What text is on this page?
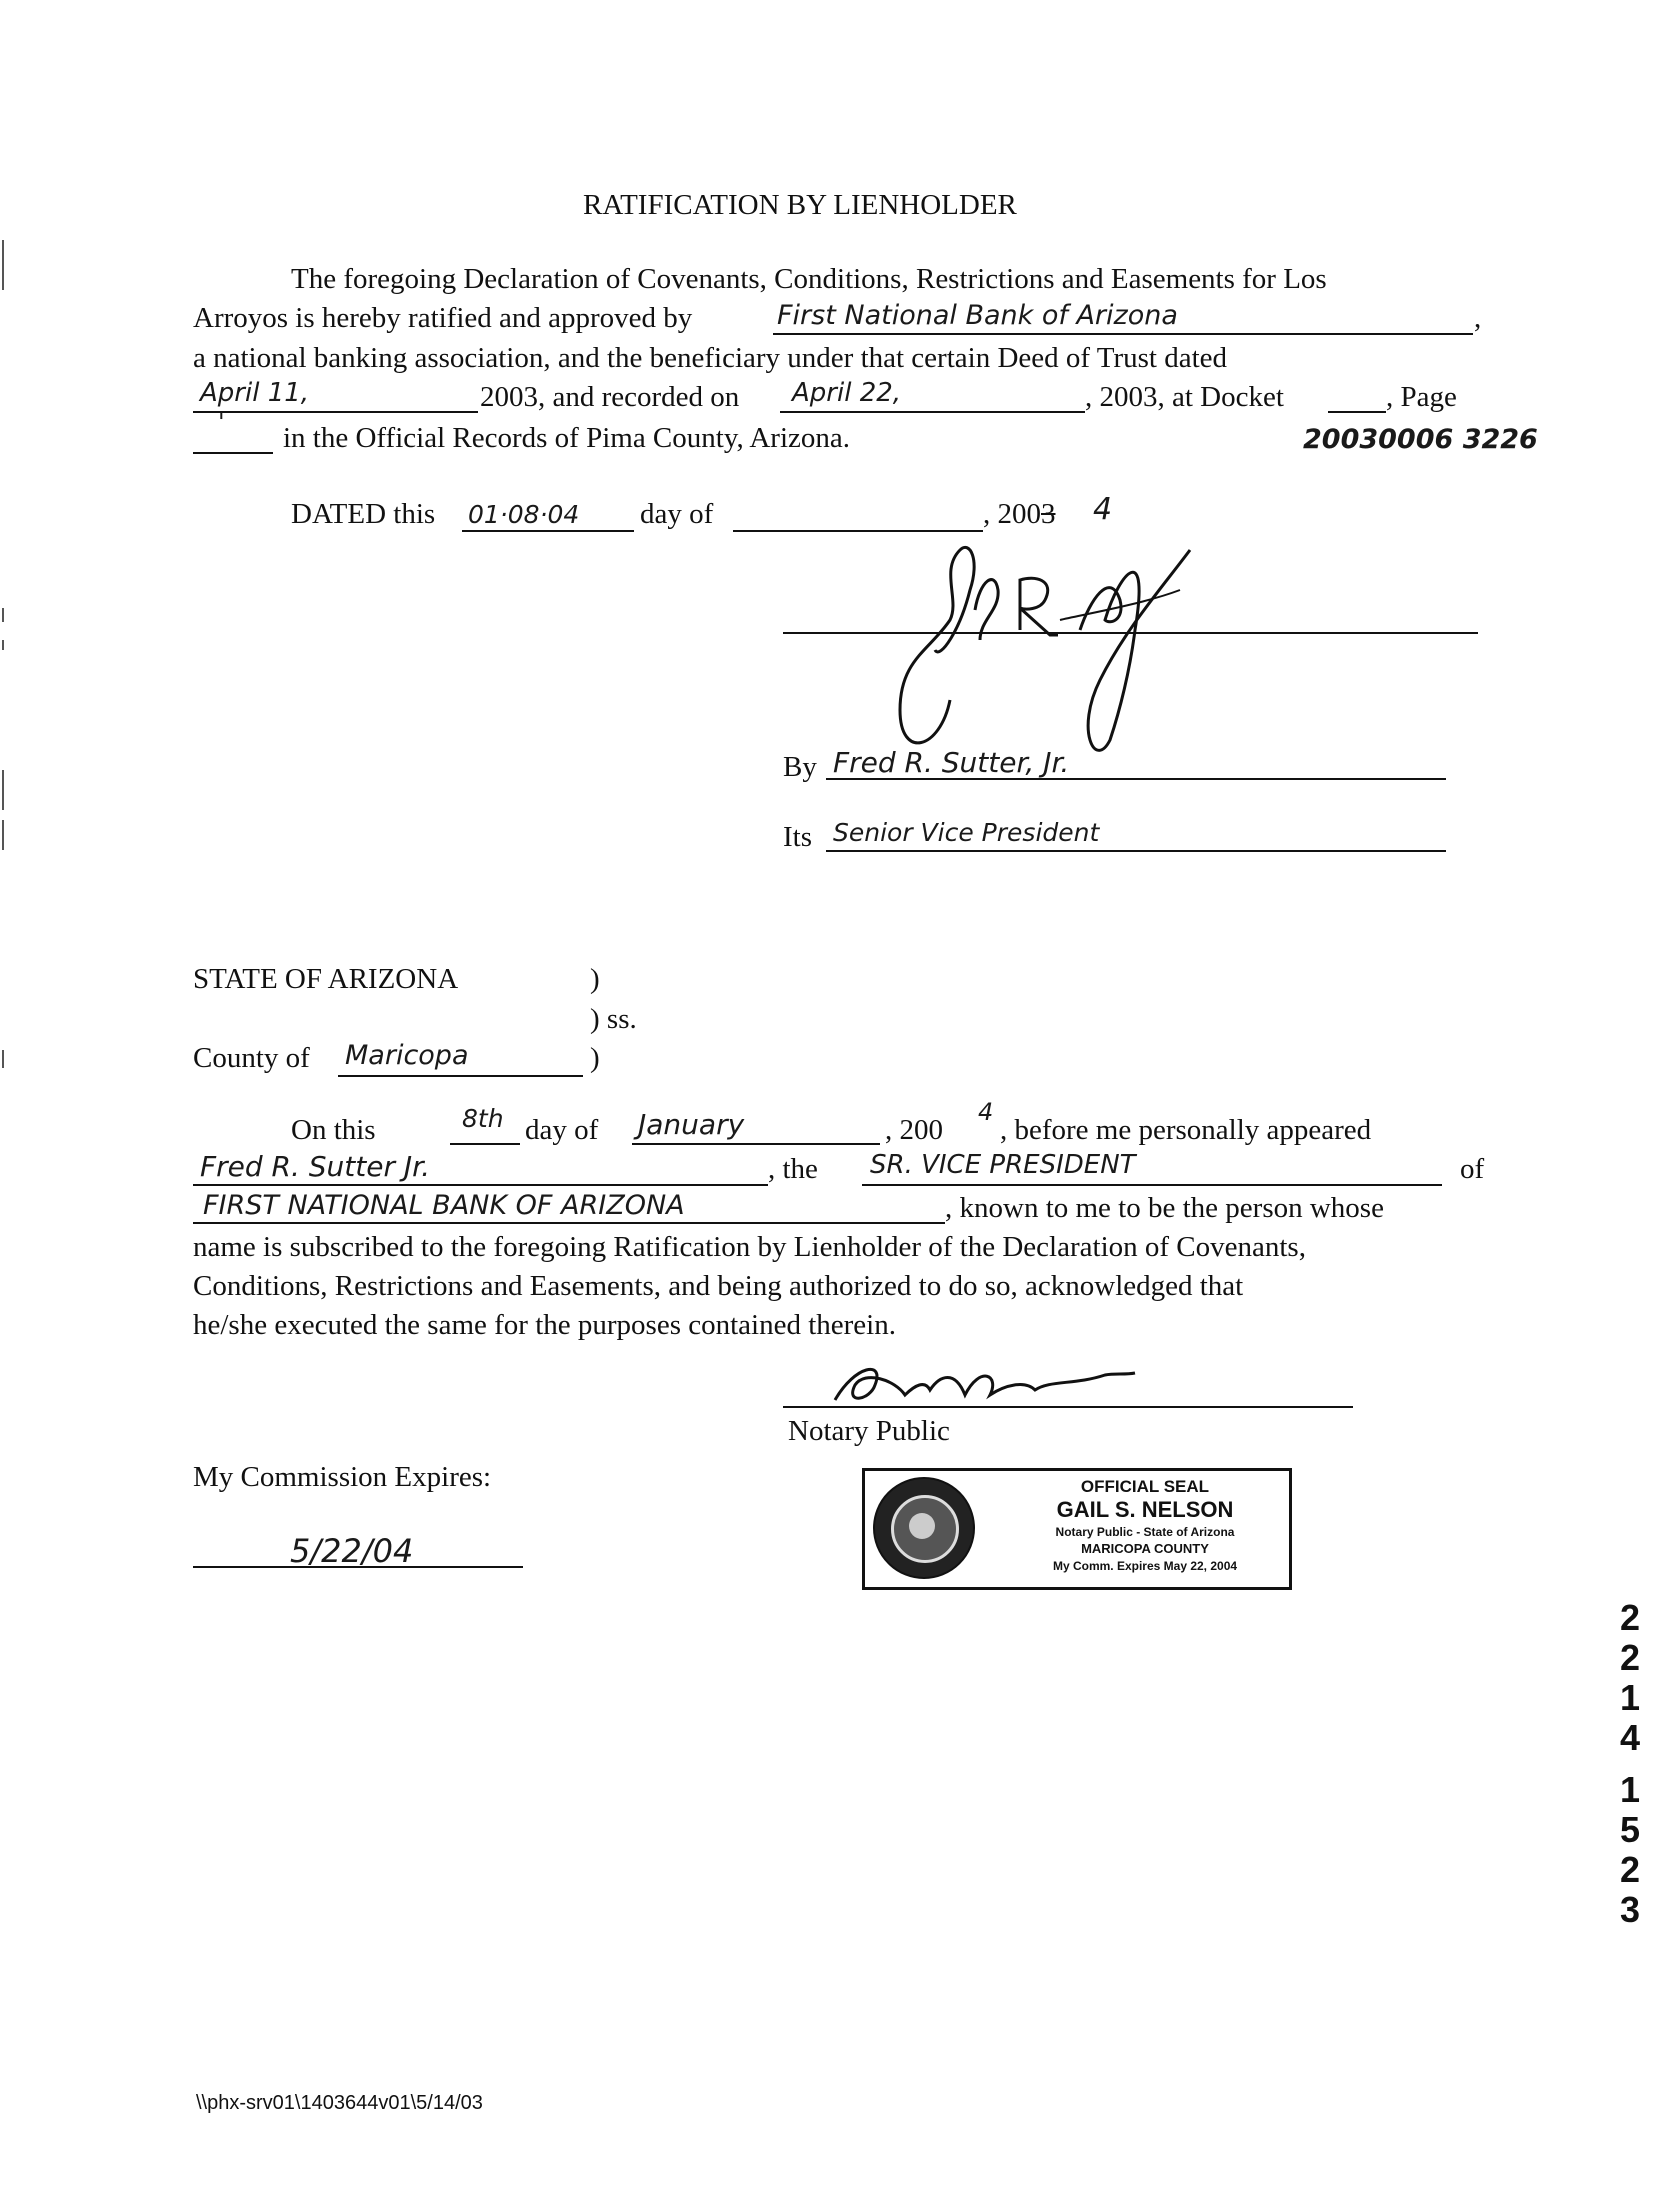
RATIFICATION BY LIENHOLDER
The foregoing Declaration of Covenants, Conditions, Restrictions and Easements for Los
Arroyos is hereby ratified and approved by	First National Bank of Arizona	,
a national banking association, and the beneficiary under that certain Deed of Trust dated
April 11,	2003, and recorded on April 22,	, 2003, at Docket	, Page
' in the Official Records of Pima County, Arizona.	20030006 3226
DATED this 01·08·04 day of	, 2003 4
By Fred R. Sutter, Jr.
Its Senior Vice President
STATE OF ARIZONA	)
) ss.
County of Maricopa	)
On this	8th day of January	, 200
4
, before me personally appeared
Fred R. Sutter Jr.	, the SR. VICE PRESIDENT	of
FIRST NATIONAL BANK OF ARIZONA	, known to me to be the person whose
name is subscribed to the foregoing Ratification by Lienholder of the Declaration of Covenants,
Conditions, Restrictions and Easements, and being authorized to do so, acknowledged that
he/she executed the same for the purposes contained therein.
Notary Public
My Commission Expires:
5/22/04
OFFICIAL SEAL
GAIL S. NELSON
Notary Public - State of Arizona
MARICOPA COUNTY
My Comm. Expires May 22, 2004
2 2 1 4
1 5 2 3
\\phx-srv01\1403644v01\5/14/03
